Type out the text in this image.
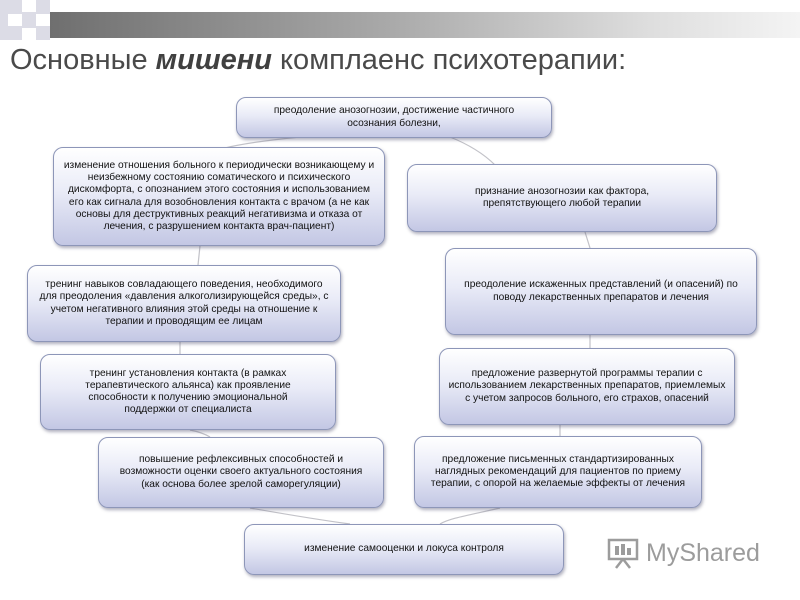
Основные мишени комплаенс психотерапии:
преодоление анозогнозии, достижение частичного осознания болезни,
изменение отношения больного к периодически возникающему и неизбежному состоянию соматического и психического дискомфорта, с опознанием этого состояния и использованием его как сигнала для возобновления контакта с врачом (а не как основы для деструктивных реакций негативизма и отказа от лечения, с разрушением контакта врач-пациент)
признание анозогнозии как фактора, препятствующего любой терапии
тренинг навыков совладающего поведения, необходимого для преодоления «давления алкоголизирующейся среды», с учетом негативного влияния этой среды на отношение к терапии и проводящим ее лицам
преодоление искаженных представлений (и опасений) по поводу лекарственных препаратов и лечения
тренинг установления контакта (в рамках терапевтического альянса) как проявление способности к получению эмоциональной поддержки от специалиста
предложение развернутой программы терапии с использованием лекарственных препаратов, приемлемых с учетом запросов больного, его страхов, опасений
повышение рефлексивных способностей и возможности оценки своего актуального состояния (как основа более зрелой саморегуляции)
предложение письменных стандартизированных наглядных рекомендаций для пациентов по приему терапии, с опорой на желаемые эффекты от лечения
изменение самооценки и локуса контроля	MyShared
